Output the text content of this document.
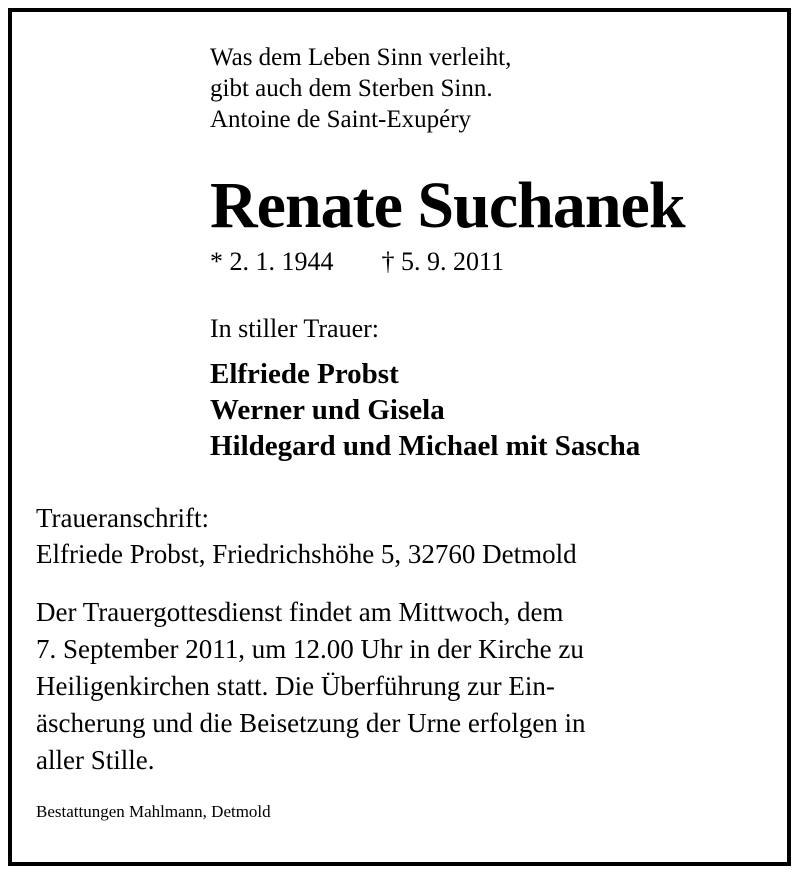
Was dem Leben Sinn verleiht,
gibt auch dem Sterben Sinn.
Antoine de Saint-Exupéry
Renate Suchanek
* 2. 1. 1944 † 5. 9. 2011
In stiller Trauer:
Elfriede Probst
Werner und Gisela
Hildegard und Michael mit Sascha
Traueranschrift:
Elfriede Probst, Friedrichshöhe 5, 32760 Detmold
Der Trauergottesdienst findet am Mittwoch, dem
7. September 2011, um 12.00 Uhr in der Kirche zu
Heiligenkirchen statt. Die Überführung zur Ein-
äscherung und die Beisetzung der Urne erfolgen in
aller Stille.
Bestattungen Mahlmann, Detmold
